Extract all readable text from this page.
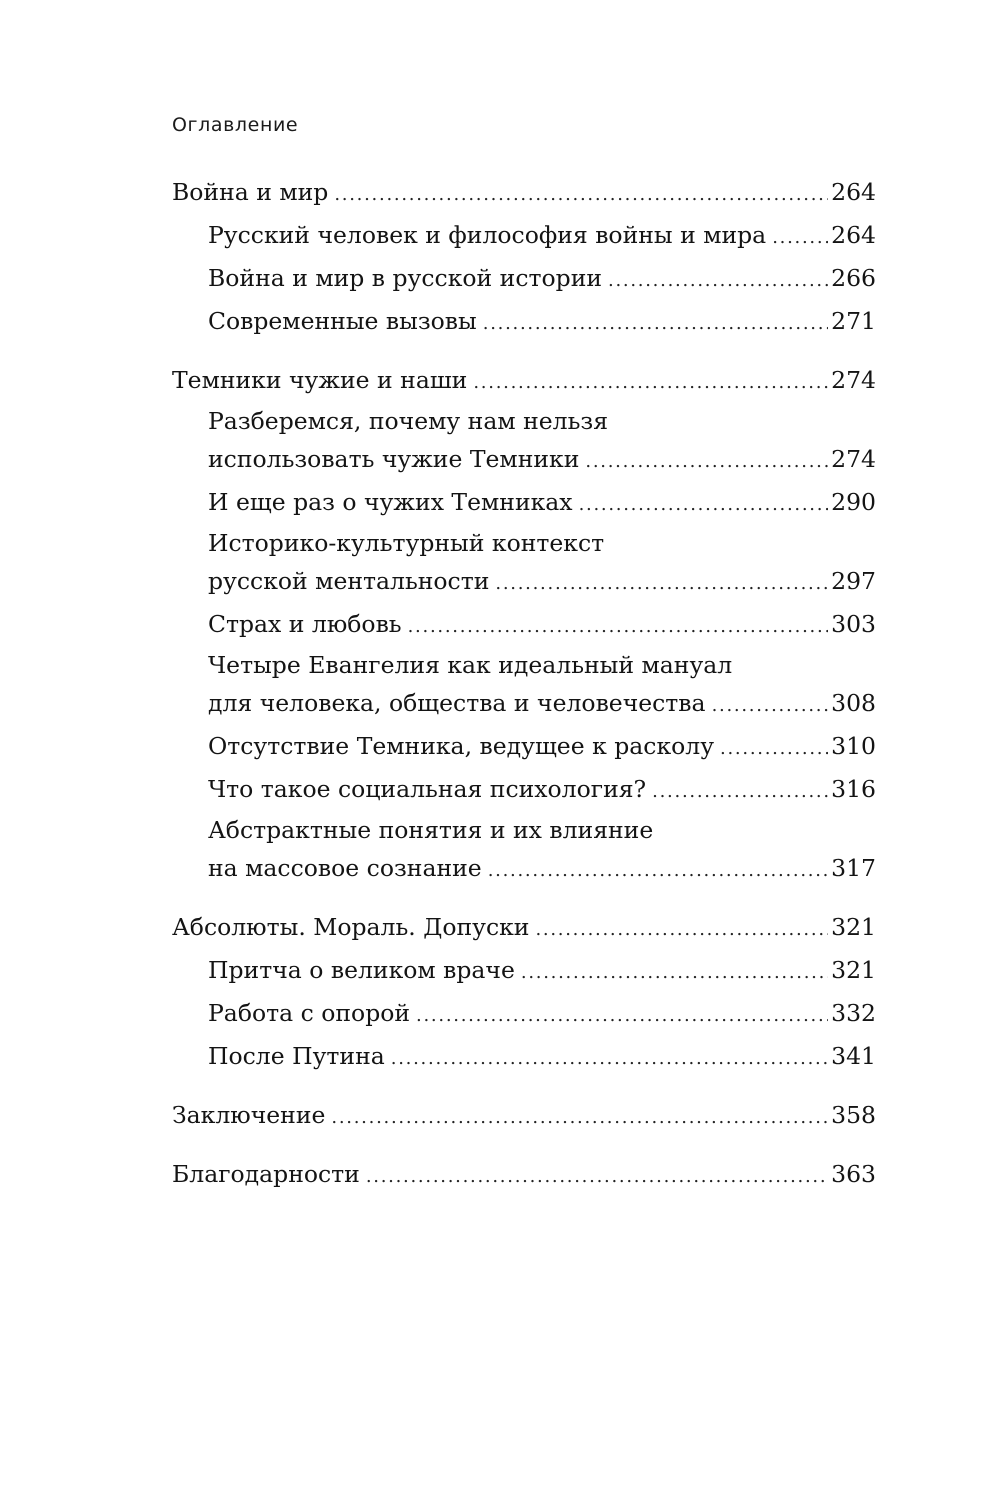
Оглавление
Война и мир . . .	264
Русский человек и философия войны и мира . . .	264
Война и мир в русской истории . . .	266
Современные вызовы . . .	271
Темники чужие и наши . . .	274
Разберемся, почему нам нельзя
использовать чужие Темники . . .	274
И еще раз о чужих Темниках . . .	290
Историко-культурный контекст
русской ментальности . . .	297
Страх и любовь . . .	303
Четыре Евангелия как идеальный мануал
для человека, общества и человечества . . .	308
Отсутствие Темника, ведущее к расколу . . .	310
Что такое социальная психология? . . .	316
Абстрактные понятия и их влияние
на массовое сознание . . .	317
Абсолюты. Мораль. Допуски . . .	321
Притча о великом враче . . .	321
Работа с опорой . . .	332
После Путина . . .	341
Заключение . . .	358
Благодарности . . .	363
